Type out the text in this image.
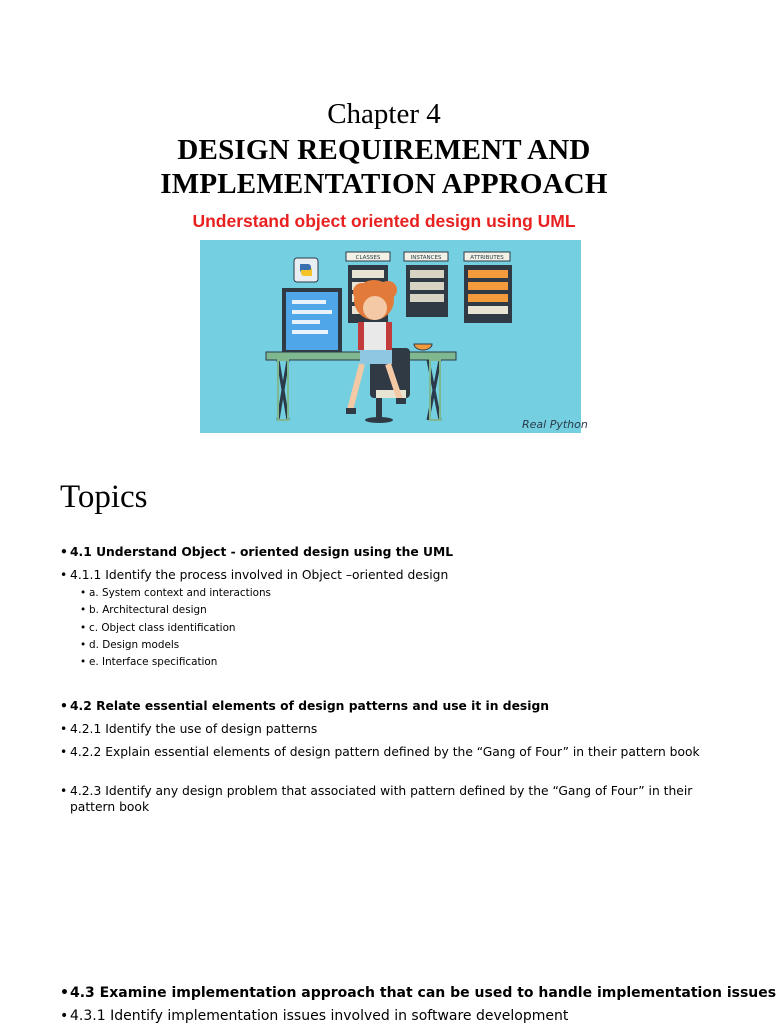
Chapter 4
DESIGN REQUIREMENT AND
IMPLEMENTATION APPROACH
Understand object oriented design using UML
CLASSES	INSTANCES	ATTRIBUTES
Real Python
Topics
• 4.1 Understand Object - oriented design using the UML
• 4.1.1 Identify the process involved in Object –oriented design
• a. System context and interactions
• b. Architectural design
• c. Object class identification
• d. Design models
• e. Interface specification
• 4.2 Relate essential elements of design patterns and use it in design
• 4.2.1 Identify the use of design patterns
• 4.2.2 Explain essential elements of design pattern defined by the “Gang of Four” in their pattern book
• 4.2.3 Identify any design problem that associated with pattern defined by the “Gang of Four” in their pattern book
• 4.3 Examine implementation approach that can be used to handle implementation issues
• 4.3.1 Identify implementation issues involved in software development
